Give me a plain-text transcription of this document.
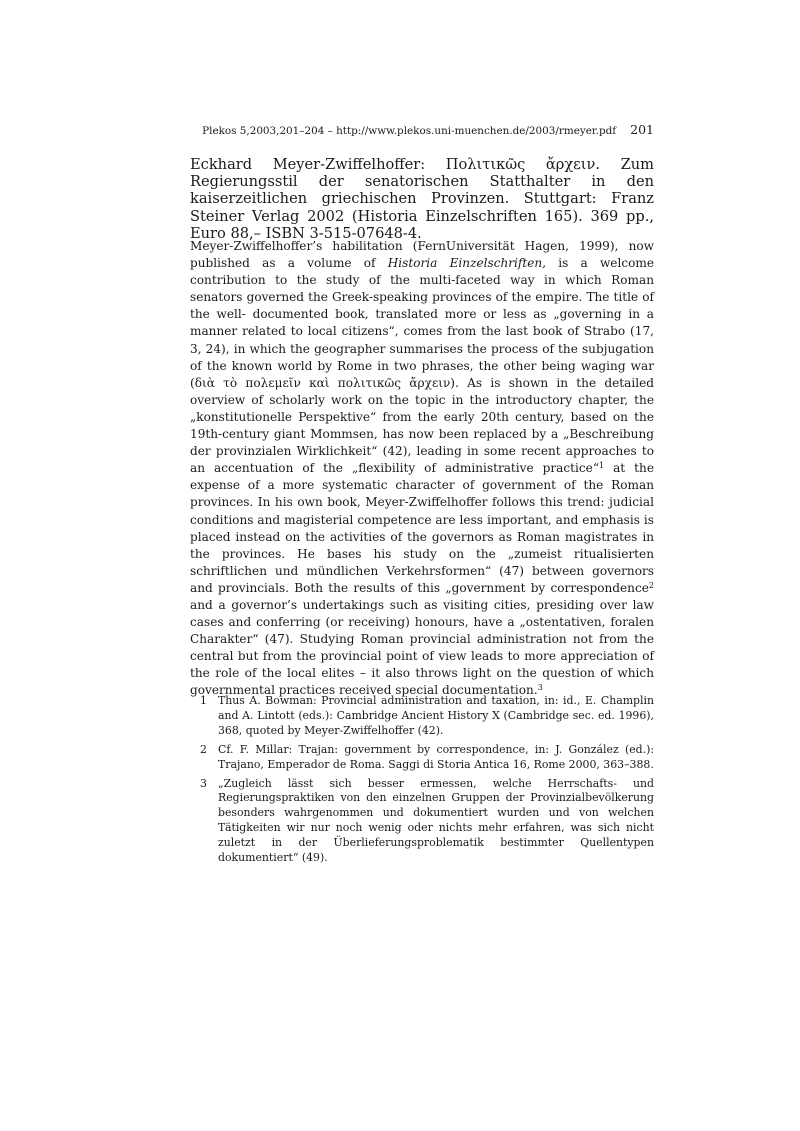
Plekos 5,2003,201–204 – http://www.plekos.uni-muenchen.de/2003/rmeyer.pdf 201
Eckhard Meyer-Zwiffelhoffer: Πολιτικῶς ἄρχειν. Zum Regierungsstil der senatorischen Statthalter in den kaiserzeitlichen griechischen Provinzen. Stuttgart: Franz Steiner Verlag 2002 (Historia Einzelschriften 165). 369 pp., Euro 88,– ISBN 3-515-07648-4.

Meyer-Zwiffelhoffer’s habilitation (FernUniversität Hagen, 1999), now published as a volume of Historia Einzelschriften, is a welcome contribution to the study of the multi-faceted way in which Roman senators governed the Greek-speaking provinces of the empire. The title of the well- documented book, translated more or less as „governing in a manner related to local citizens“, comes from the last book of Strabo (17, 3, 24), in which the geographer summarises the process of the subjugation of the known world by Rome in two phrases, the other being waging war (διὰ τὸ πολεμεῖν καὶ πολιτικῶς ἄρχειν). As is shown in the detailed overview of scholarly work on the topic in the introductory chapter, the „konstitutionelle Perspektive“ from the early 20th century, based on the 19th-century giant Mommsen, has now been replaced by a „Beschreibung der provinzialen Wirklichkeit“ (42), leading in some recent approaches to an accentuation of the „flexibility of administrative practice“$^1$ at the expense of a more systematic character of government of the Roman provinces. In his own book, Meyer-Zwiffelhoffer follows this trend: judicial conditions and magisterial competence are less important, and emphasis is placed instead on the activities of the governors as Roman magistrates in the provinces. He bases his study on the „zumeist ritualisierten schriftlichen und mündlichen Verkehrsformen“ (47) between governors and provincials. Both the results of this „government by correspondence$^2$ and a governor’s undertakings such as visiting cities, presiding over law cases and conferring (or receiving) honours, have a „ostentativen, foralen Charakter“ (47). Studying Roman provincial administration not from the central but from the provincial point of view leads to more appreciation of the role of the local elites – it also throws light on the question of which governmental practices received special documentation.$^3$

1 Thus A. Bowman: Provincial administration and taxation, in: id., E. Champlin and A. Lintott (eds.): Cambridge Ancient History X (Cambridge sec. ed. 1996), 368, quoted by Meyer-Zwiffelhoffer (42).
2 Cf. F. Millar: Trajan: government by correspondence, in: J. González (ed.): Trajano, Emperador de Roma. Saggi di Storia Antica 16, Rome 2000, 363–388.
3 „Zugleich lässt sich besser ermessen, welche Herrschafts- und Regierungspraktiken von den einzelnen Gruppen der Provinzialbevölkerung besonders wahrgenommen und dokumentiert wurden und von welchen Tätigkeiten wir nur noch wenig oder nichts mehr erfahren, was sich nicht zuletzt in der Überlieferungsproblematik bestimmter Quellentypen dokumentiert“ (49).
